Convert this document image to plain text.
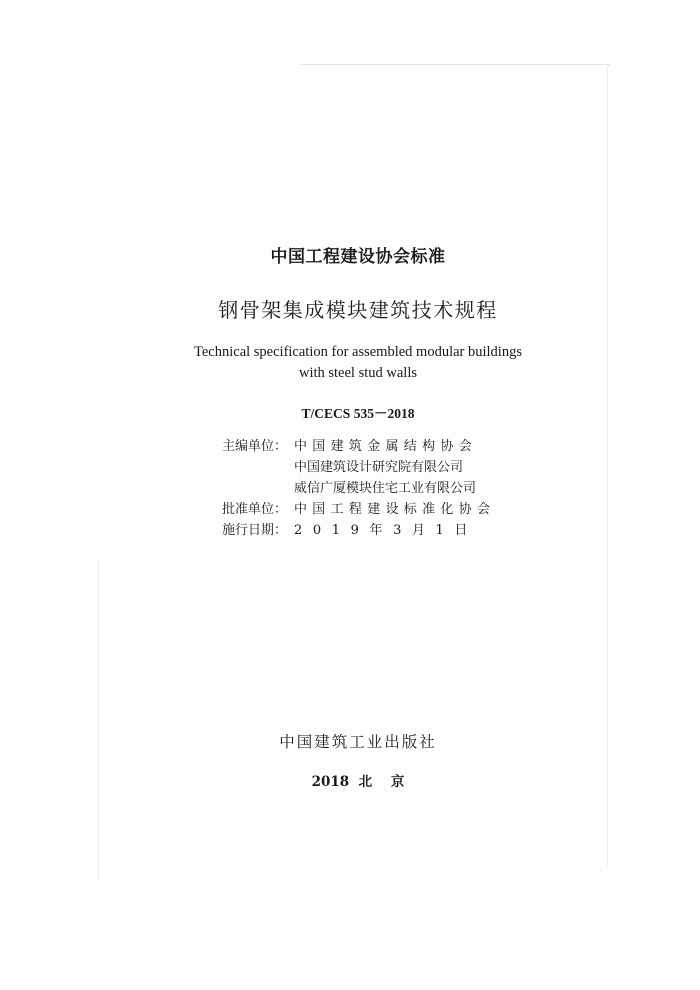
中国工程建设协会标准
钢骨架集成模块建筑技术规程
Technical specification for assembled modular buildings
with steel stud walls
T/CECS 535－2018
主编单位： 中国建筑金属结构协会
中国建筑设计研究院有限公司
威信广厦模块住宅工业有限公司
批准单位： 中国工程建设标准化协会
施行日期： 2019年3月1日
中国建筑工业出版社
2018  北    京
